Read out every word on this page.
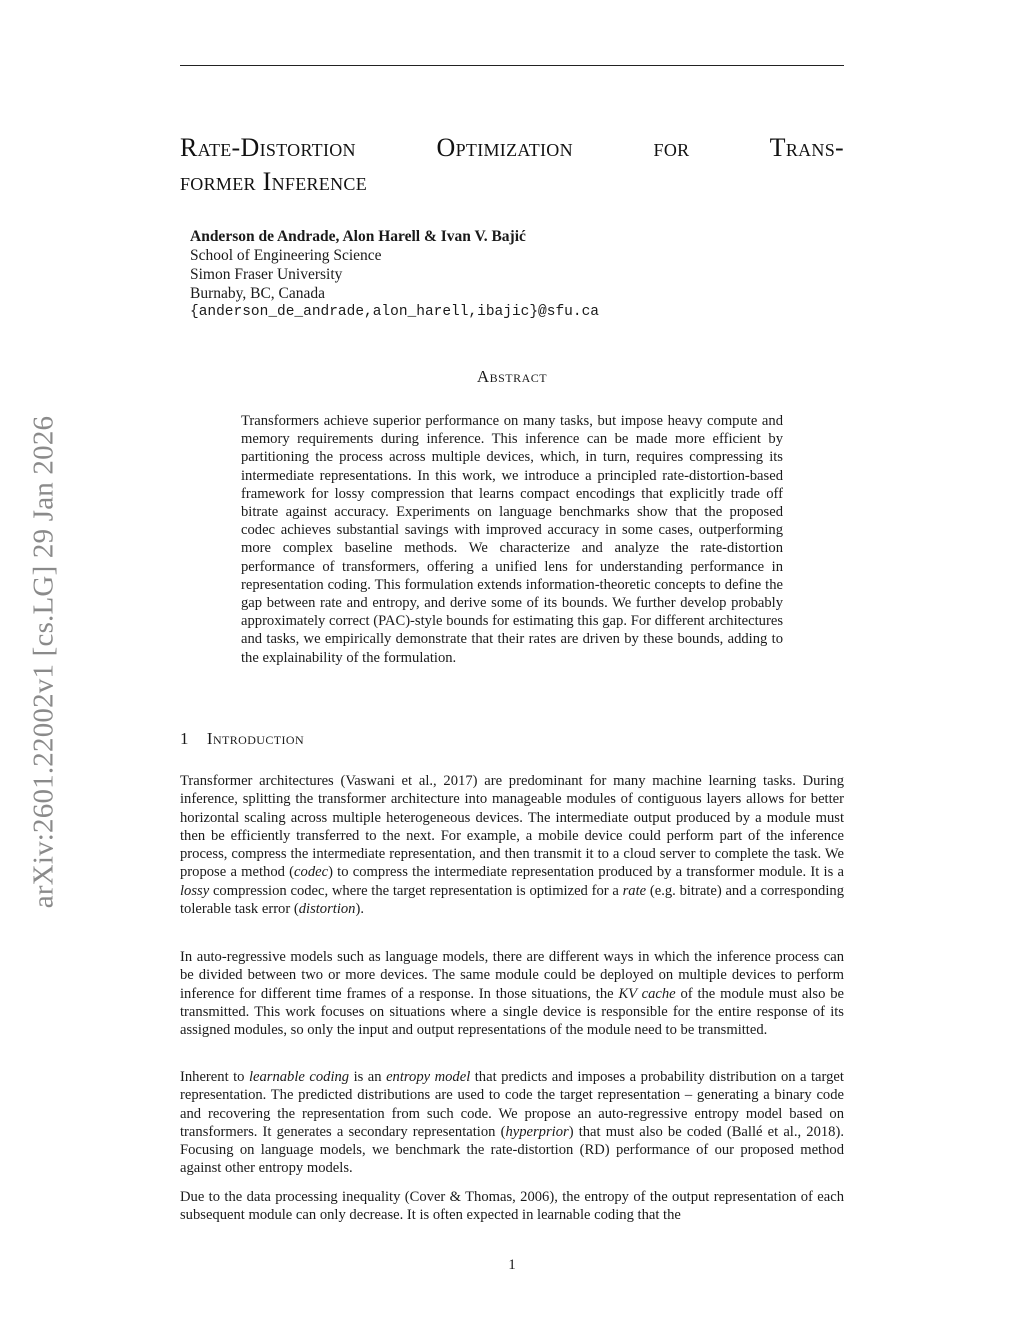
arXiv:2601.22002v1 [cs.LG] 29 Jan 2026
Rate-Distortion Optimization for Trans-
former Inference
Anderson de Andrade, Alon Harell & Ivan V. Bajić
School of Engineering Science
Simon Fraser University
Burnaby, BC, Canada
{anderson_de_andrade,alon_harell,ibajic}@sfu.ca
Abstract

Transformers achieve superior performance on many tasks, but impose heavy compute and memory requirements during inference. This inference can be made more efficient by partitioning the process across multiple devices, which, in turn, requires compressing its intermediate representations. In this work, we introduce a principled rate-distortion-based framework for lossy compression that learns compact encodings that explicitly trade off bitrate against accuracy. Experiments on language benchmarks show that the proposed codec achieves substantial savings with improved accuracy in some cases, outperforming more complex baseline methods. We characterize and analyze the rate-distortion performance of transformers, offering a unified lens for understanding performance in representation coding. This formulation extends information-theoretic concepts to define the gap between rate and entropy, and derive some of its bounds. We further develop probably approximately correct (PAC)-style bounds for estimating this gap. For different architectures and tasks, we empirically demonstrate that their rates are driven by these bounds, adding to the explainability of the formulation.

1 Introduction

Transformer architectures (Vaswani et al., 2017) are predominant for many machine learning tasks. During inference, splitting the transformer architecture into manageable modules of contiguous layers allows for better horizontal scaling across multiple heterogeneous devices. The intermediate output produced by a module must then be efficiently transferred to the next. For example, a mobile device could perform part of the inference process, compress the intermediate representation, and then transmit it to a cloud server to complete the task. We propose a method (codec) to compress the intermediate representation produced by a transformer module. It is a lossy compression codec, where the target representation is optimized for a rate (e.g. bitrate) and a corresponding tolerable task error (distortion).

In auto-regressive models such as language models, there are different ways in which the inference process can be divided between two or more devices. The same module could be deployed on multiple devices to perform inference for different time frames of a response. In those situations, the KV cache of the module must also be transmitted. This work focuses on situations where a single device is responsible for the entire response of its assigned modules, so only the input and output representations of the module need to be transmitted.

Inherent to learnable coding is an entropy model that predicts and imposes a probability distribution on a target representation. The predicted distributions are used to code the target representation – generating a binary code and recovering the representation from such code. We propose an auto-regressive entropy model based on transformers. It generates a secondary representation (hyperprior) that must also be coded (Ballé et al., 2018). Focusing on language models, we benchmark the rate-distortion (RD) performance of our proposed method against other entropy models.

Due to the data processing inequality (Cover & Thomas, 2006), the entropy of the output representation of each subsequent module can only decrease. It is often expected in learnable coding that the

1
